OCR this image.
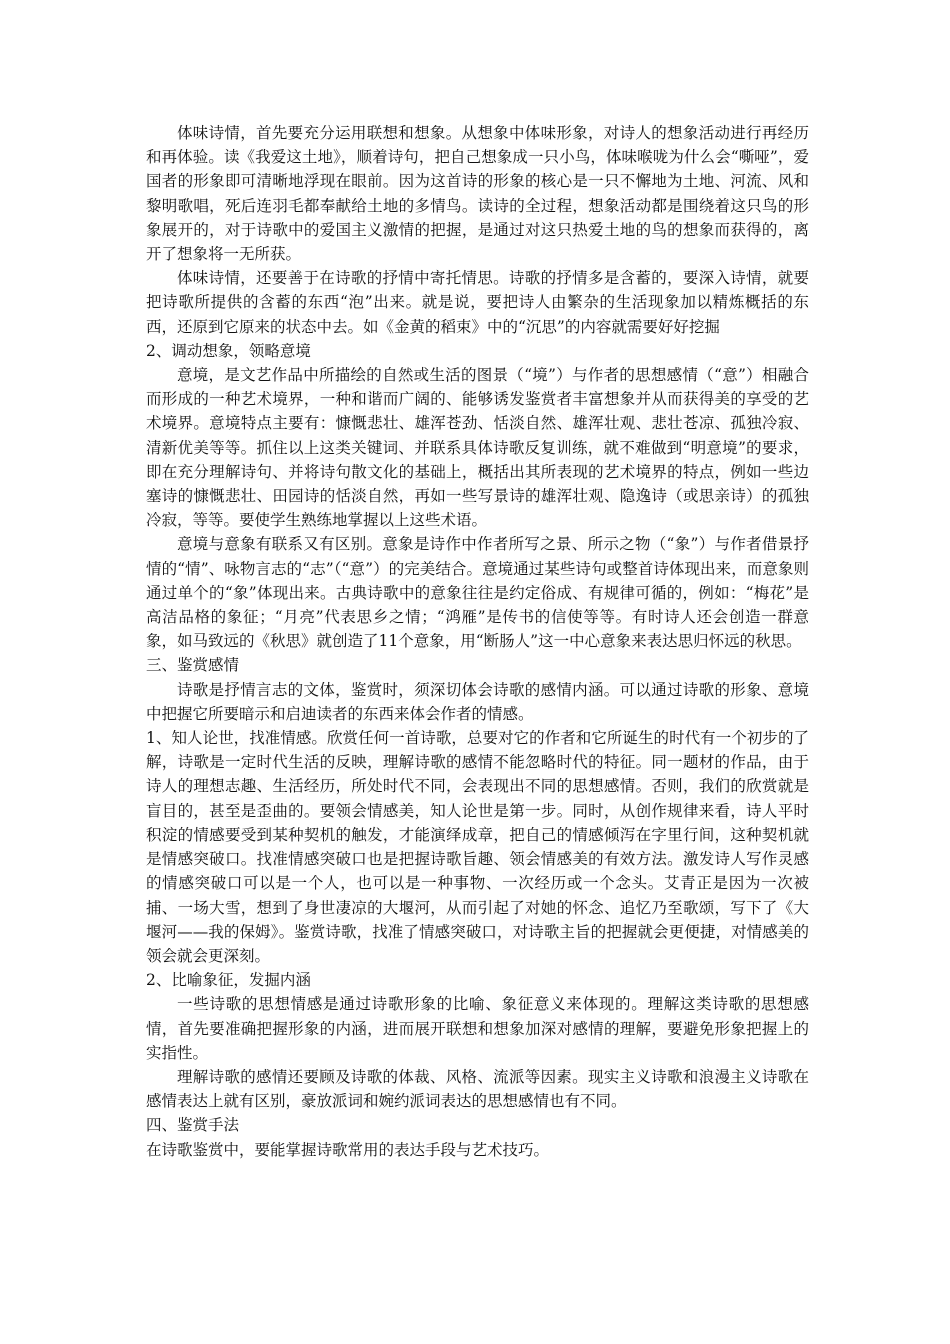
体味诗情，首先要充分运用联想和想象。从想象中体味形象，对诗人的想象活动进行再经历和再体验。读《我爱这土地》，顺着诗句，把自己想象成一只小鸟，体味喉咙为什么会“嘶哑”，爱国者的形象即可清晰地浮现在眼前。因为这首诗的形象的核心是一只不懈地为土地、河流、风和黎明歌唱，死后连羽毛都奉献给土地的多情鸟。读诗的全过程，想象活动都是围绕着这只鸟的形象展开的，对于诗歌中的爱国主义激情的把握，是通过对这只热爱土地的鸟的想象而获得的，离开了想象将一无所获。

体味诗情，还要善于在诗歌的抒情中寄托情思。诗歌的抒情多是含蓄的，要深入诗情，就要把诗歌所提供的含蓄的东西“泡”出来。就是说，要把诗人由繁杂的生活现象加以精炼概括的东西，还原到它原来的状态中去。如《金黄的稻束》中的“沉思”的内容就需要好好挖掘

2、调动想象，领略意境

意境，是文艺作品中所描绘的自然或生活的图景（“境”）与作者的思想感情（“意”）相融合而形成的一种艺术境界，一种和谐而广阔的、能够诱发鉴赏者丰富想象并从而获得美的享受的艺术境界。意境特点主要有：慷慨悲壮、雄浑苍劲、恬淡自然、雄浑壮观、悲壮苍凉、孤独冷寂、清新优美等等。抓住以上这类关键词、并联系具体诗歌反复训练，就不难做到“明意境”的要求，即在充分理解诗句、并将诗句散文化的基础上，概括出其所表现的艺术境界的特点，例如一些边塞诗的慷慨悲壮、田园诗的恬淡自然，再如一些写景诗的雄浑壮观、隐逸诗（或思亲诗）的孤独冷寂，等等。要使学生熟练地掌握以上这些术语。

意境与意象有联系又有区别。意象是诗作中作者所写之景、所示之物（“象”）与作者借景抒情的“情”、咏物言志的“志”（“意”）的完美结合。意境通过某些诗句或整首诗体现出来，而意象则通过单个的“象”体现出来。古典诗歌中的意象往往是约定俗成、有规律可循的，例如：“梅花”是高洁品格的象征；“月亮”代表思乡之情；“鸿雁”是传书的信使等等。有时诗人还会创造一群意象，如马致远的《秋思》就创造了11个意象，用“断肠人”这一中心意象来表达思归怀远的秋思。

三、鉴赏感情

诗歌是抒情言志的文体，鉴赏时，须深切体会诗歌的感情内涵。可以通过诗歌的形象、意境 中把握它所要暗示和启迪读者的东西来体会作者的情感。

1、知人论世，找准情感。欣赏任何一首诗歌，总要对它的作者和它所诞生的时代有一个初步的了解，诗歌是一定时代生活的反映，理解诗歌的感情不能忽略时代的特征。同一题材的作品，由于诗人的理想志趣、生活经历，所处时代不同，会表现出不同的思想感情。否则，我们的欣赏就是盲目的，甚至是歪曲的。要领会情感美，知人论世是第一步。同时，从创作规律来看，诗人平时积淀的情感要受到某种契机的触发，才能演绎成章，把自己的情感倾泻在字里行间，这种契机就是情感突破口。找准情感突破口也是把握诗歌旨趣、领会情感美的有效方法。激发诗人写作灵感的情感突破口可以是一个人，也可以是一种事物、一次经历或一个念头。艾青正是因为一次被捕、一场大雪，想到了身世凄凉的大堰河，从而引起了对她的怀念、追忆乃至歌颂，写下了《大堰河——我的保姆》。鉴赏诗歌，找准了情感突破口，对诗歌主旨的把握就会更便捷，对情感美的领会就会更深刻。

2、比喻象征，发掘内涵

一些诗歌的思想情感是通过诗歌形象的比喻、象征意义来体现的。理解这类诗歌的思想感情，首先要准确把握形象的内涵，进而展开联想和想象加深对感情的理解，要避免形象把握上的实指性。

理解诗歌的感情还要顾及诗歌的体裁、风格、流派等因素。现实主义诗歌和浪漫主义诗歌在感情表达上就有区别，豪放派词和婉约派词表达的思想感情也有不同。

四、鉴赏手法

在诗歌鉴赏中，要能掌握诗歌常用的表达手段与艺术技巧。
